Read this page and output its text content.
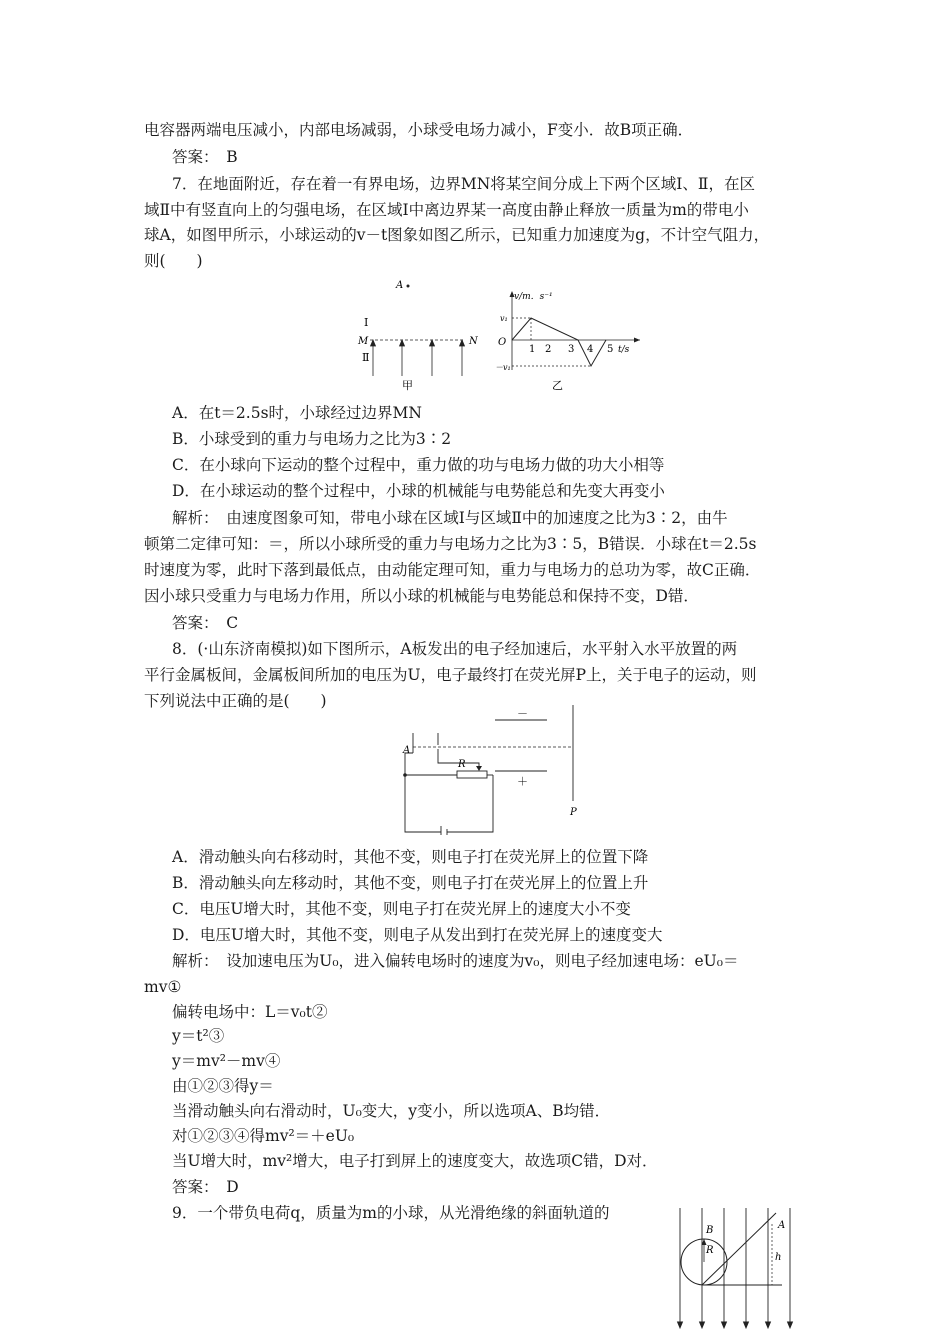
电容器两端电压减小，内部电场减弱，小球受电场力减小，F变小．故B项正确．
答案：　B
7．在地面附近，存在着一有界电场，边界MN将某空间分成上下两个区域Ⅰ、Ⅱ，在区
域Ⅱ中有竖直向上的匀强电场，在区域Ⅰ中离边界某一高度由静止释放一质量为m的带电小
球A，如图甲所示，小球运动的v－t图象如图乙所示，已知重力加速度为g，不计空气阻力，
则(　　)
A
Ⅰ
M
Ⅱ
N
甲
v/m．s⁻¹
t/s
O
v₁
－v₁
1 2 3 4 5
乙
A．在t＝2.5s时，小球经过边界MN
B．小球受到的重力与电场力之比为3∶2
C．在小球向下运动的整个过程中，重力做的功与电场力做的功大小相等
D．在小球运动的整个过程中，小球的机械能与电势能总和先变大再变小
解析：　由速度图象可知，带电小球在区域Ⅰ与区域Ⅱ中的加速度之比为3∶2，由牛
顿第二定律可知：＝，所以小球所受的重力与电场力之比为3∶5，B错误．小球在t＝2.5s
时速度为零，此时下落到最低点，由动能定理可知，重力与电场力的总功为零，故C正确．
因小球只受重力与电场力作用，所以小球的机械能与电势能总和保持不变，D错．
答案：　C
8．(·山东济南模拟)如下图所示，A板发出的电子经加速后，水平射入水平放置的两
平行金属板间，金属板间所加的电压为U，电子最终打在荧光屏P上，关于电子的运动，则
下列说法中正确的是(　　)
A
R
－
＋
P
A．滑动触头向右移动时，其他不变，则电子打在荧光屏上的位置下降
B．滑动触头向左移动时，其他不变，则电子打在荧光屏上的位置上升
C．电压U增大时，其他不变，则电子打在荧光屏上的速度大小不变
D．电压U增大时，其他不变，则电子从发出到打在荧光屏上的速度变大
解析：　设加速电压为U₀，进入偏转电场时的速度为v₀，则电子经加速电场：eU₀＝
mv①
偏转电场中：L＝v₀t②
y＝t²③
y＝mv²－mv④
由①②③得y＝
当滑动触头向右滑动时，U₀变大，y变小，所以选项A、B均错．
对①②③④得mv²＝＋eU₀
当U增大时，mv²增大，电子打到屏上的速度变大，故选项C错，D对．
答案：　D
9．一个带负电荷q，质量为m的小球，从光滑绝缘的斜面轨道的
A
B
R
h
